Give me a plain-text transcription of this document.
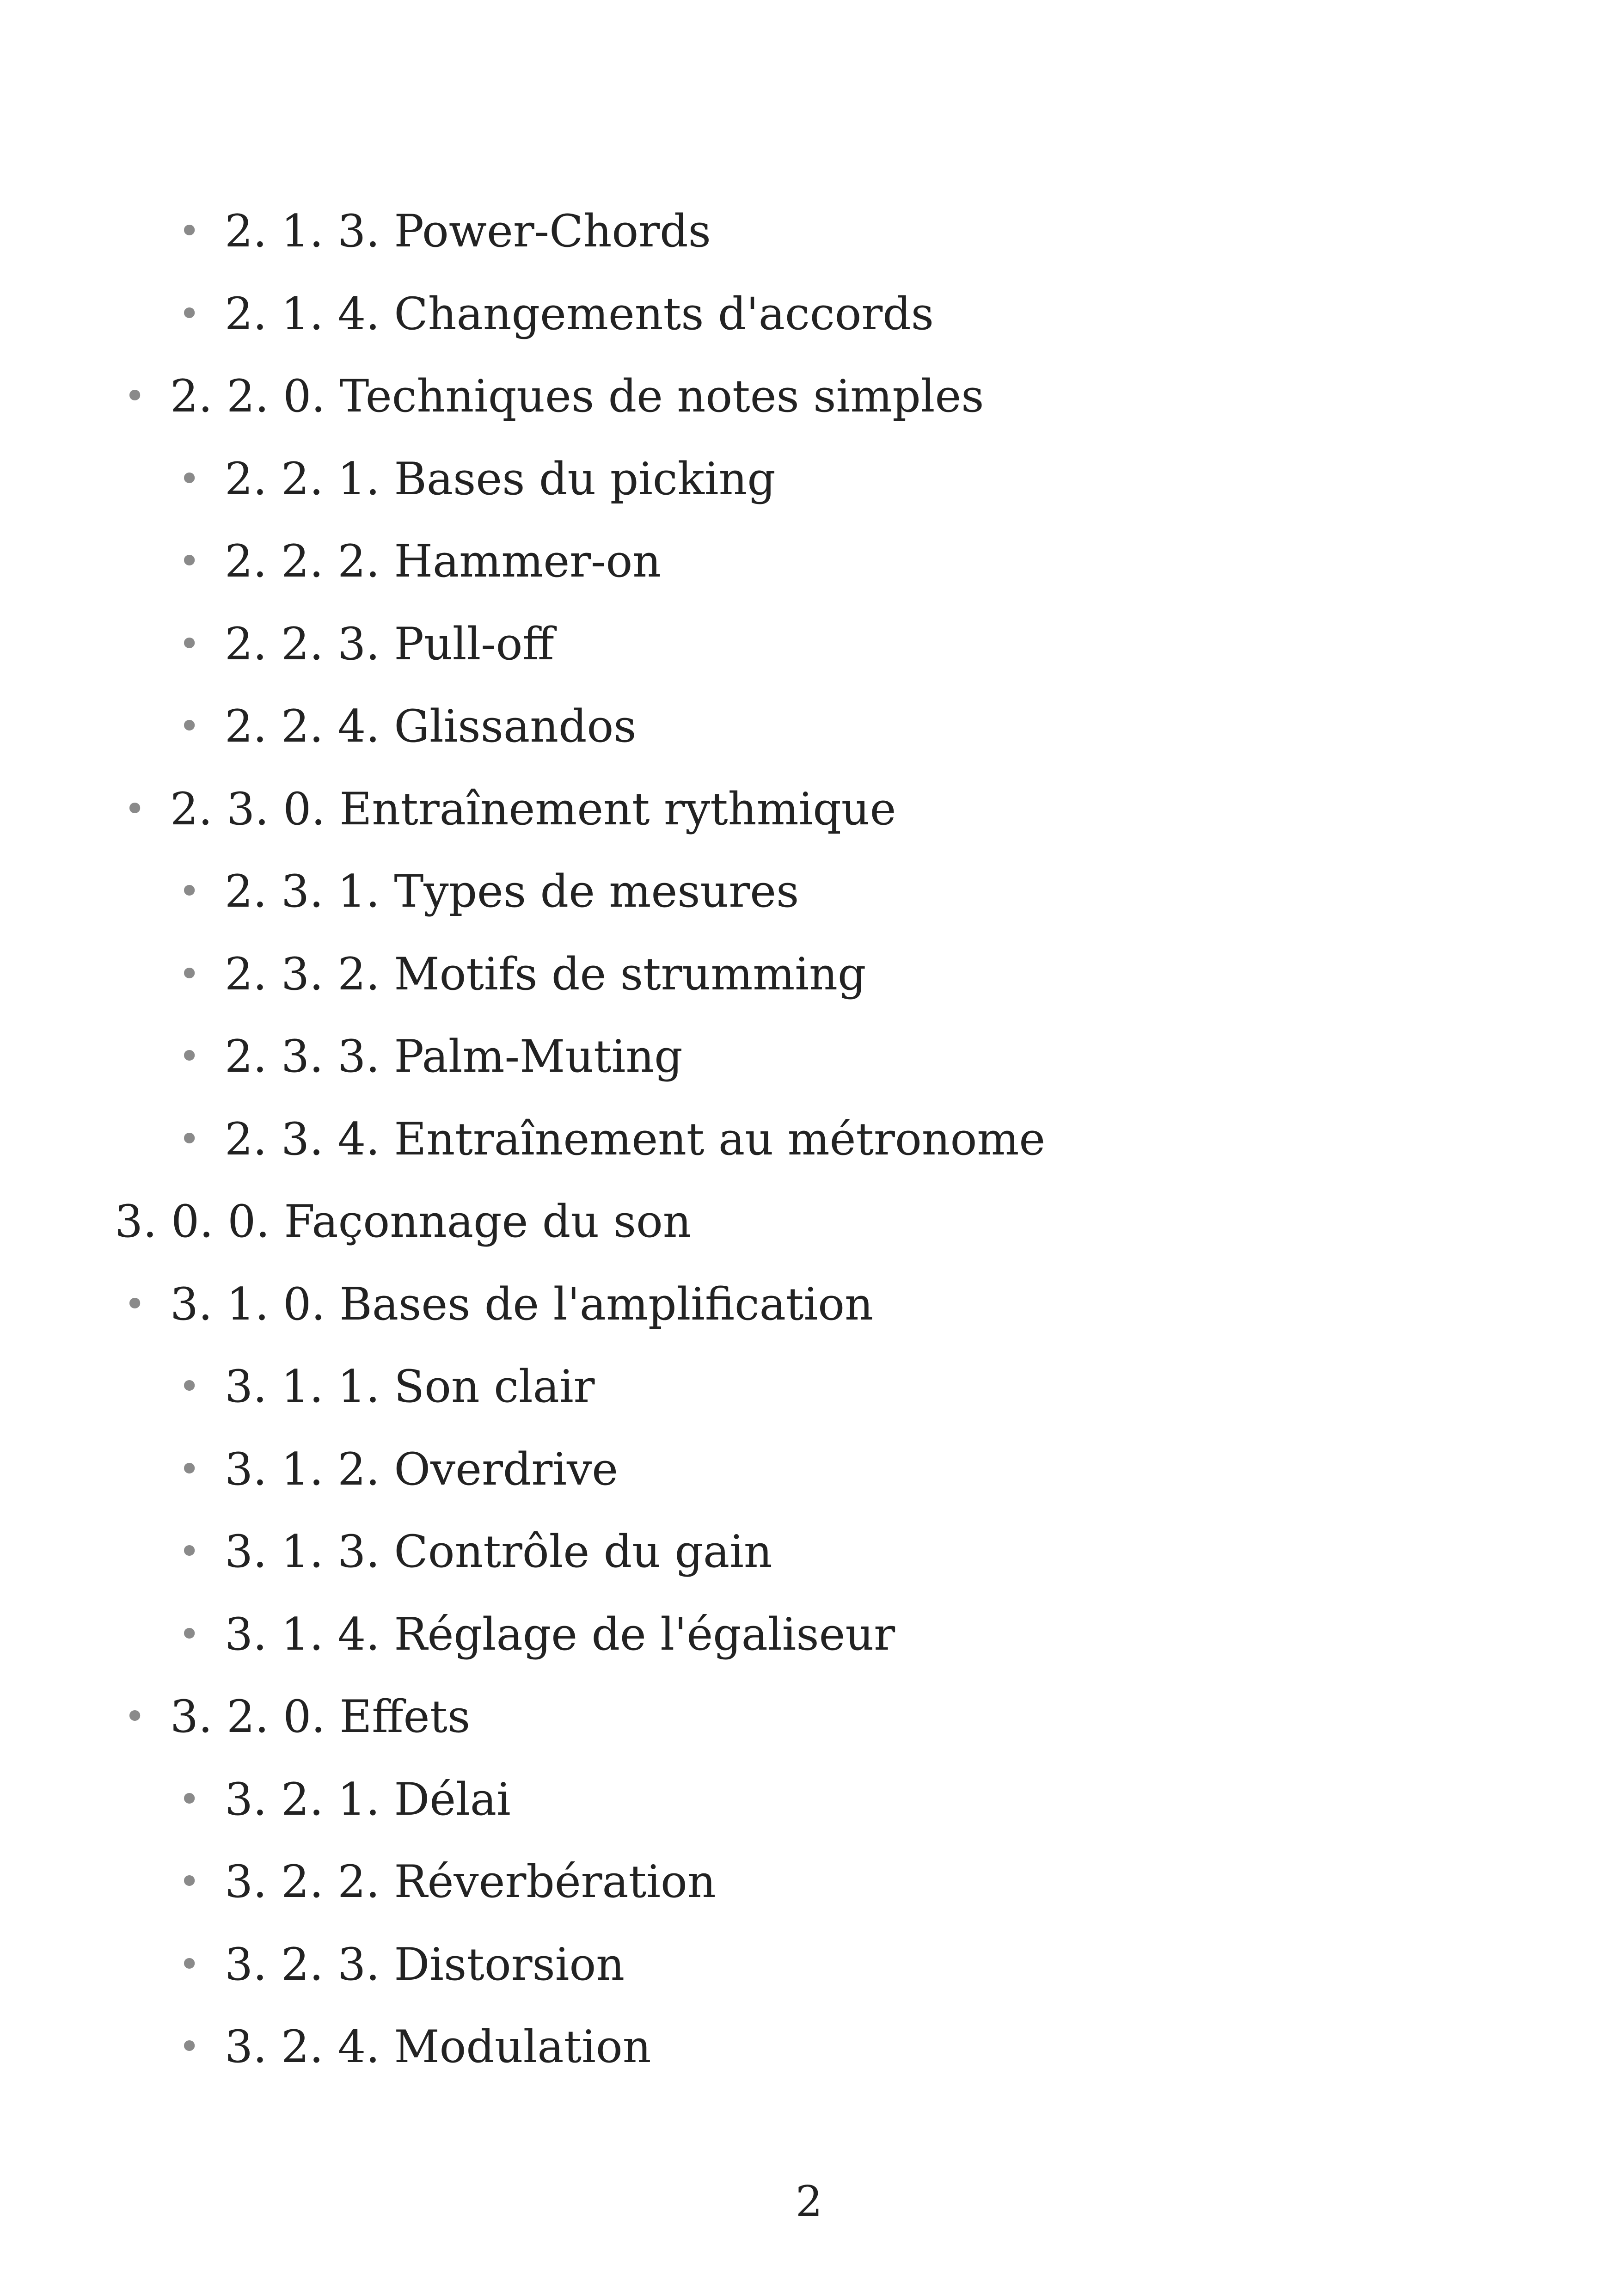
• 2. 1. 3. Power-Chords
• 2. 1. 4. Changements d'accords
• 2. 2. 0. Techniques de notes simples
• 2. 2. 1. Bases du picking
• 2. 2. 2. Hammer-on
• 2. 2. 3. Pull-off
• 2. 2. 4. Glissandos
• 2. 3. 0. Entraînement rythmique
• 2. 3. 1. Types de mesures
• 2. 3. 2. Motifs de strumming
• 2. 3. 3. Palm-Muting
• 2. 3. 4. Entraînement au métronome
3. 0. 0. Façonnage du son
• 3. 1. 0. Bases de l'amplification
• 3. 1. 1. Son clair
• 3. 1. 2. Overdrive
• 3. 1. 3. Contrôle du gain
• 3. 1. 4. Réglage de l'égaliseur
• 3. 2. 0. Effets
• 3. 2. 1. Délai
• 3. 2. 2. Réverbération
• 3. 2. 3. Distorsion
• 3. 2. 4. Modulation
2
